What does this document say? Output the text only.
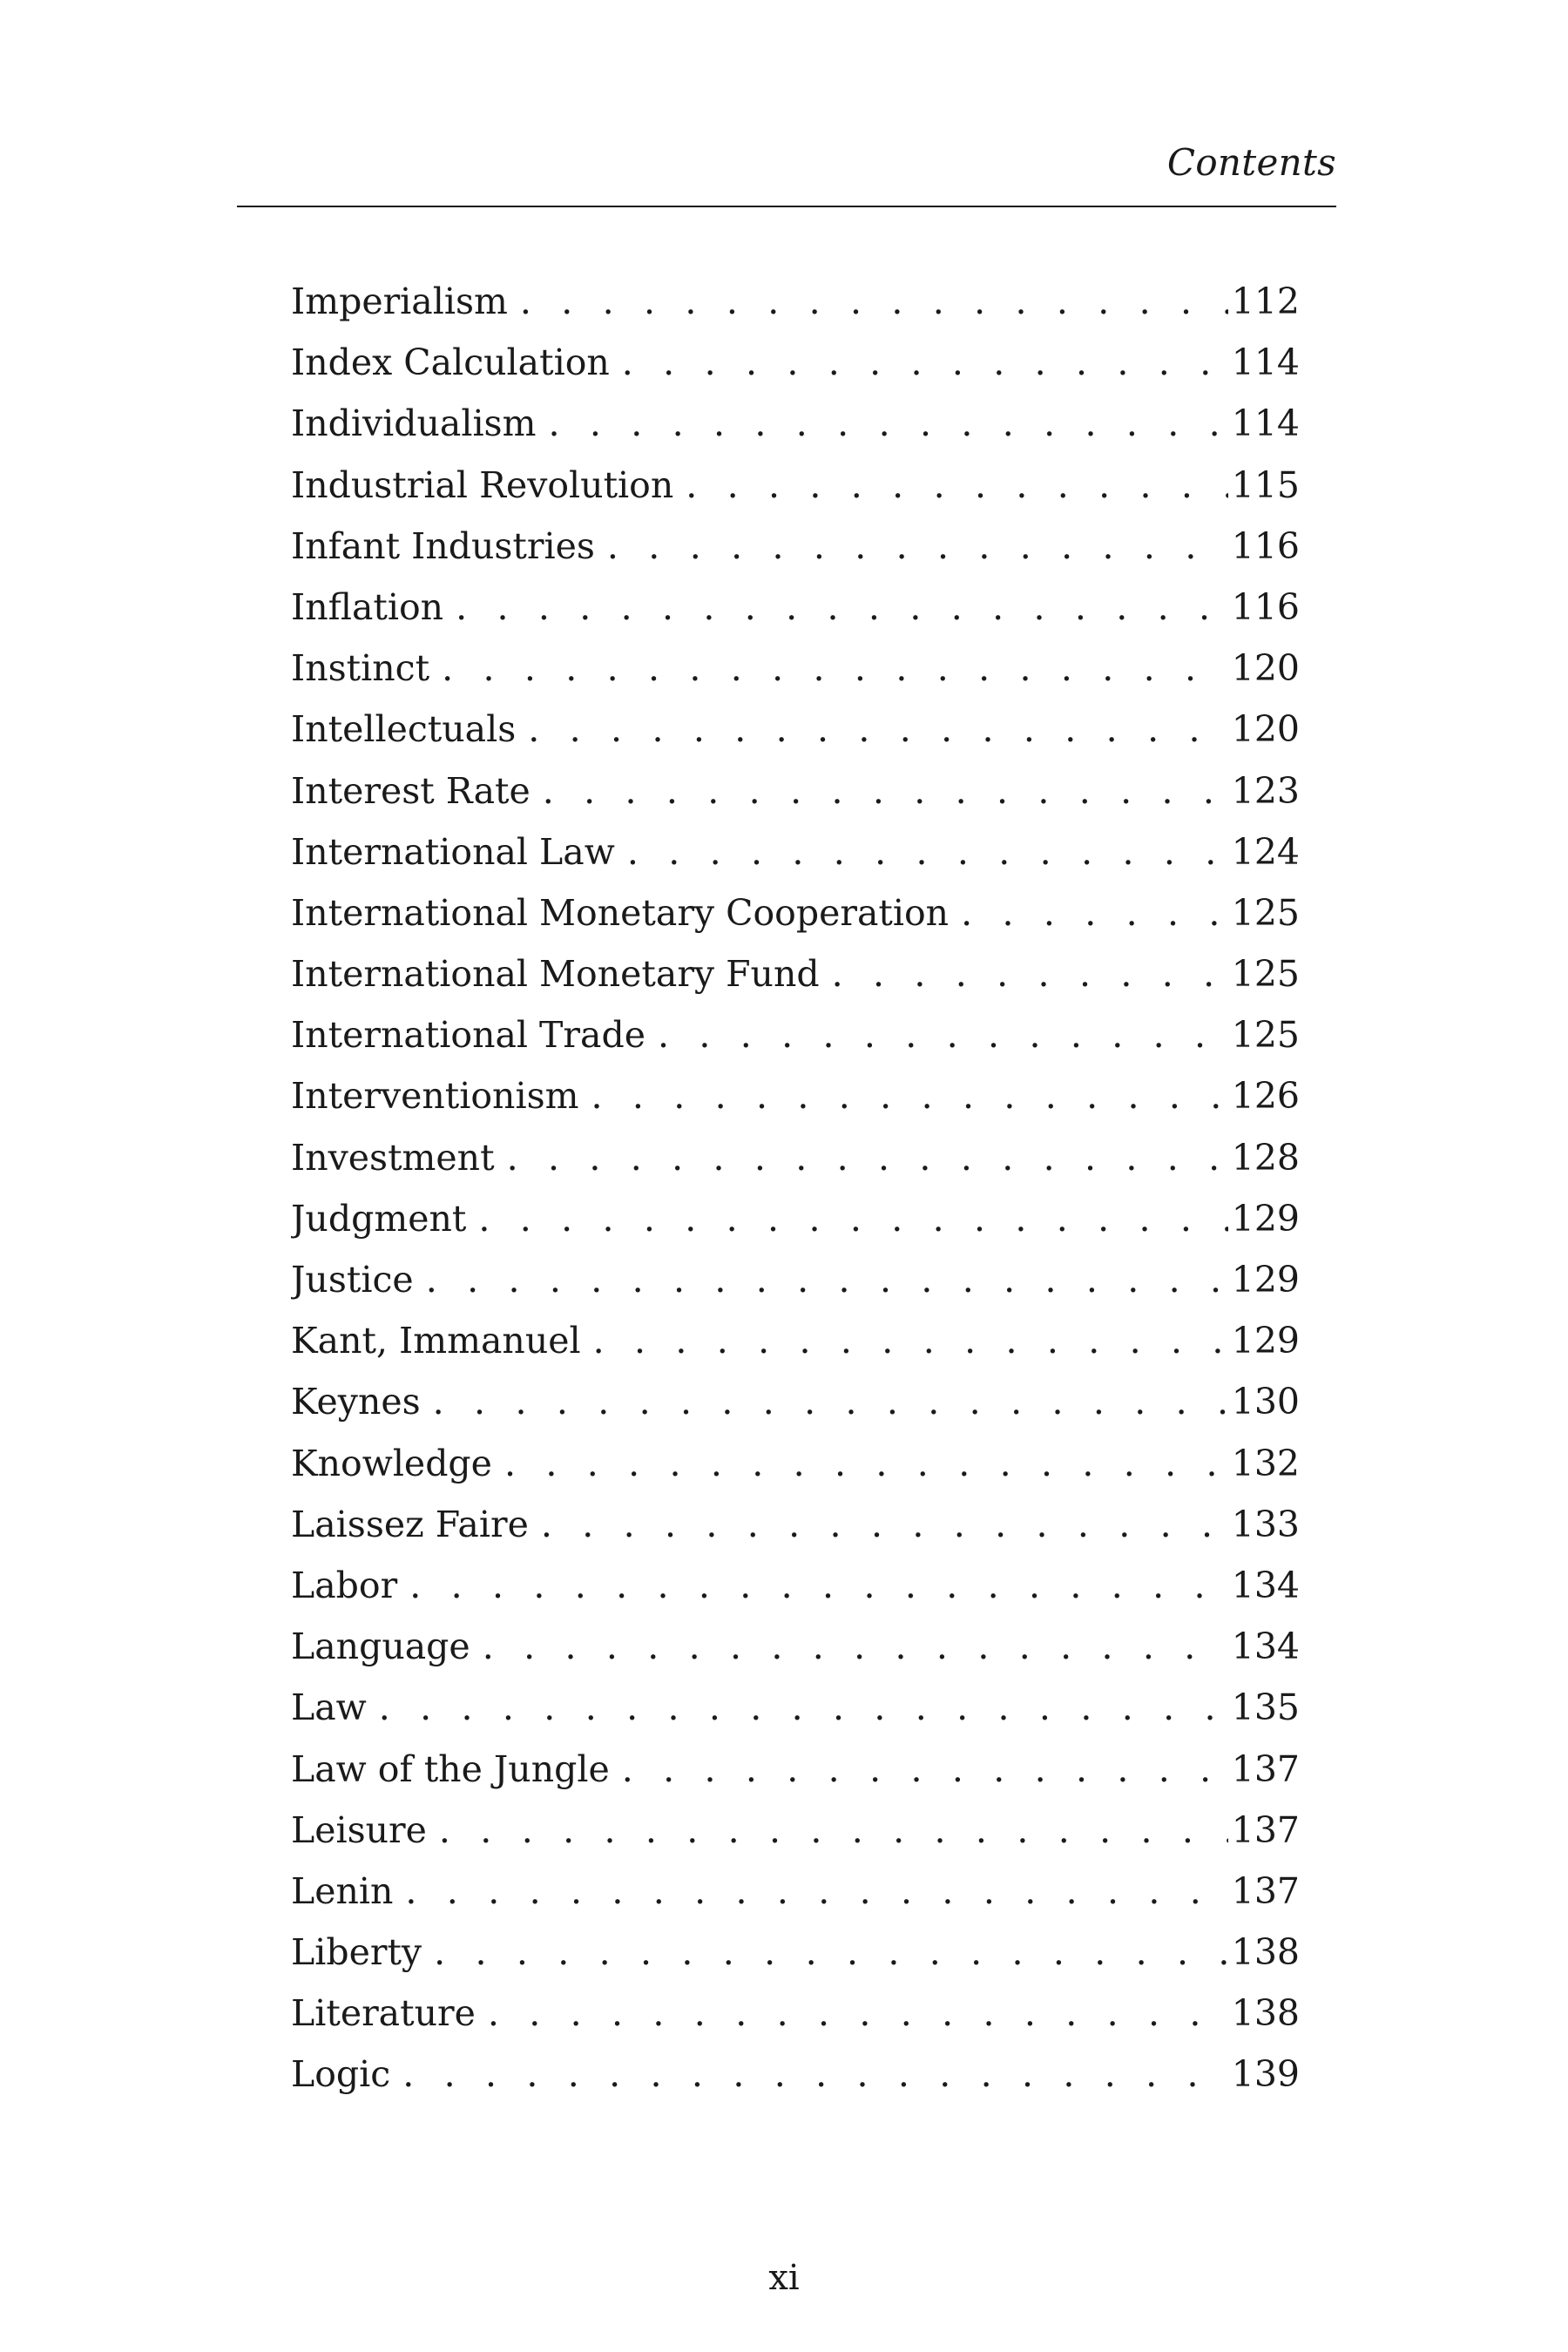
Contents
Imperialism . . .	112
Index Calculation . . .	114
Individualism . . .	114
Industrial Revolution . . .	115
Infant Industries . . .	116
Inflation . . .	116
Instinct . . .	120
Intellectuals . . .	120
Interest Rate . . .	123
International Law . . .	124
International Monetary Cooperation . . .	125
International Monetary Fund . . .	125
International Trade . . .	125
Interventionism . . .	126
Investment . . .	128
Judgment . . .	129
Justice . . .	129
Kant, Immanuel . . .	129
Keynes . . .	130
Knowledge . . .	132
Laissez Faire . . .	133
Labor . . .	134
Language . . .	134
Law . . .	135
Law of the Jungle . . .	137
Leisure . . .	137
Lenin . . .	137
Liberty . . .	138
Literature . . .	138
Logic . . .	139
xi
